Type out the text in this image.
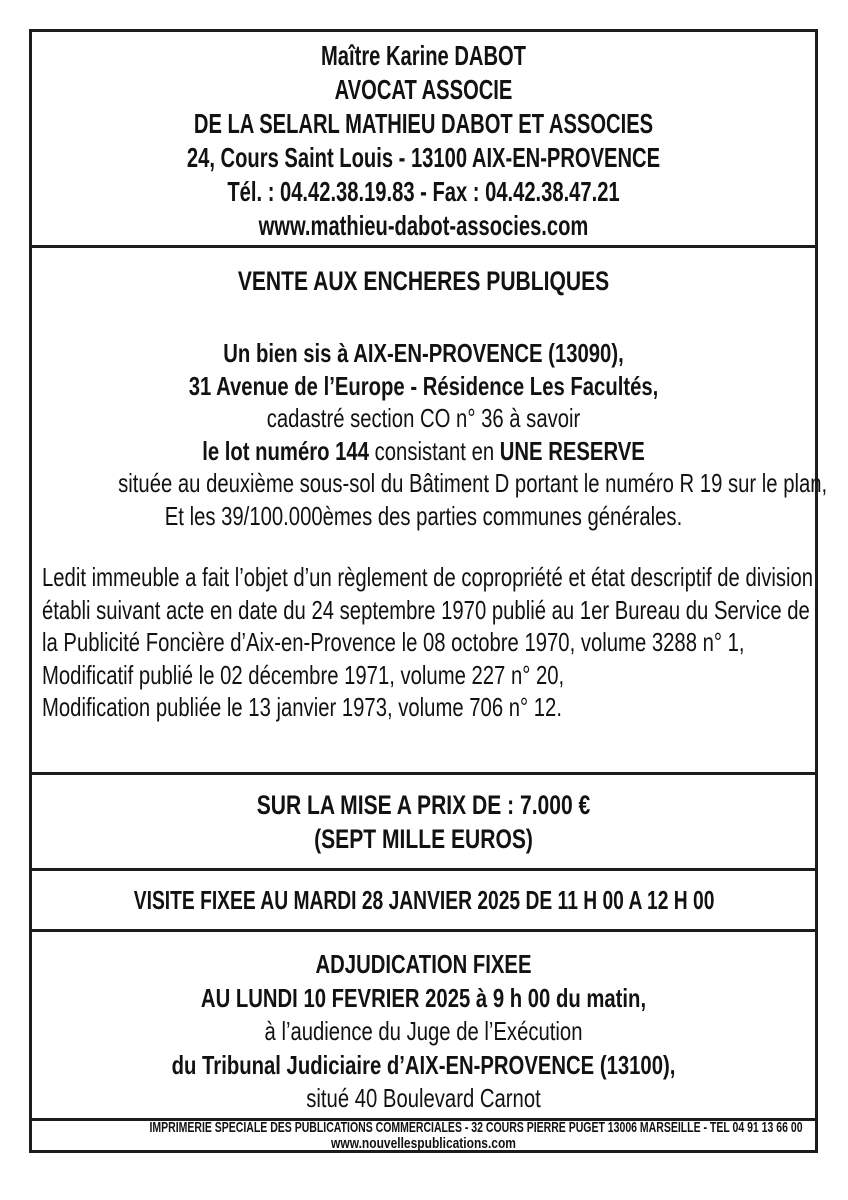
Maître Karine DABOT
AVOCAT ASSOCIE
DE LA SELARL MATHIEU DABOT ET ASSOCIES
24, Cours Saint Louis - 13100 AIX-EN-PROVENCE
Tél. : 04.42.38.19.83 - Fax : 04.42.38.47.21
www.mathieu-dabot-associes.com
VENTE AUX ENCHERES PUBLIQUES
Un bien sis à AIX-EN-PROVENCE (13090),
31 Avenue de l’Europe - Résidence Les Facultés,
cadastré section CO n° 36 à savoir
le lot numéro 144 consistant en UNE RESERVE
située au deuxième sous-sol du Bâtiment D portant le numéro R 19 sur le plan,
Et les 39/100.000èmes des parties communes générales.

Ledit immeuble a fait l’objet d’un règlement de copropriété et état descriptif de division établi suivant acte en date du 24 septembre 1970 publié au 1er Bureau du Service de la Publicité Foncière d’Aix-en-Provence le 08 octobre 1970, volume 3288 n° 1,

Modificatif publié le 02 décembre 1971, volume 227 n° 20,

Modification publiée le 13 janvier 1973, volume 706 n° 12.

SUR LA MISE A PRIX DE : 7.000 €
(SEPT MILLE EUROS)
VISITE FIXEE AU MARDI 28 JANVIER 2025 DE 11 H 00 A 12 H 00
ADJUDICATION FIXEE
AU LUNDI 10 FEVRIER 2025 à 9 h 00 du matin,
à l’audience du Juge de l’Exécution
du Tribunal Judiciaire d’AIX-EN-PROVENCE (13100),
situé 40 Boulevard Carnot
IMPRIMERIE SPECIALE DES PUBLICATIONS COMMERCIALES - 32 COURS PIERRE PUGET 13006 MARSEILLE - TEL 04 91 13 66 00
www.nouvellespublications.com
